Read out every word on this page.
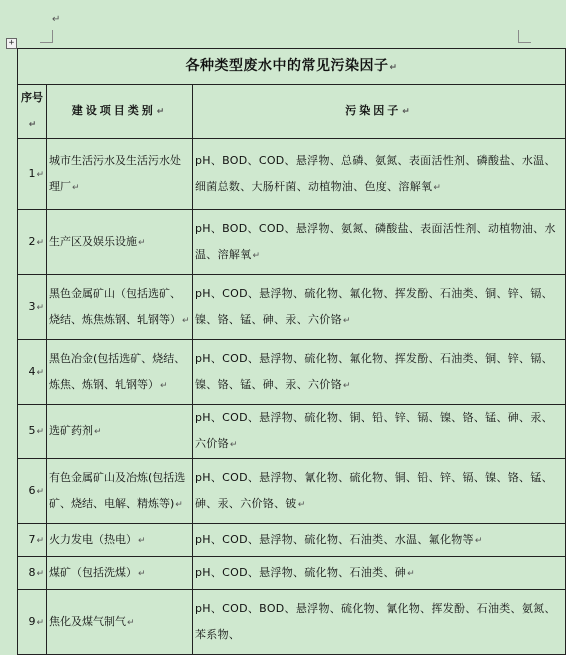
↵
+
各种类型废水中的常见污染因子↵		
序号↵	建设项目类别↵	污染因子↵
1↵	城市生活污水及生活污水处理厂↵	pH、BOD、COD、悬浮物、总磷、氨氮、表面活性剂、磷酸盐、水温、细菌总数、大肠杆菌、动植物油、色度、溶解氧↵
2↵	生产区及娱乐设施↵	pH、BOD、COD、悬浮物、氨氮、磷酸盐、表面活性剂、动植物油、水温、溶解氧↵
3↵	黑色金属矿山（包括选矿、烧结、炼焦炼钢、轧钢等）↵	pH、COD、悬浮物、硫化物、氟化物、挥发酚、石油类、铜、锌、镉、镍、铬、锰、砷、汞、六价铬↵
4↵	黑色冶金(包括选矿、烧结、炼焦、炼钢、轧钢等）↵	pH、COD、悬浮物、硫化物、氟化物、挥发酚、石油类、铜、锌、镉、镍、铬、锰、砷、汞、六价铬↵
5↵	选矿药剂↵	pH、COD、悬浮物、硫化物、铜、铅、锌、镉、镍、铬、锰、砷、汞、六价铬↵
6↵	有色金属矿山及冶炼(包括选矿、烧结、电解、精炼等)↵	pH、COD、悬浮物、氰化物、硫化物、铜、铅、锌、镉、镍、铬、锰、砷、汞、六价铬、铍↵
7↵	火力发电（热电）↵	pH、COD、悬浮物、硫化物、石油类、水温、氟化物等↵
8↵	煤矿（包括洗煤）↵	pH、COD、悬浮物、硫化物、石油类、砷↵
9↵	焦化及煤气制气↵	pH、COD、BOD、悬浮物、硫化物、氰化物、挥发酚、石油类、氨氮、苯系物、
